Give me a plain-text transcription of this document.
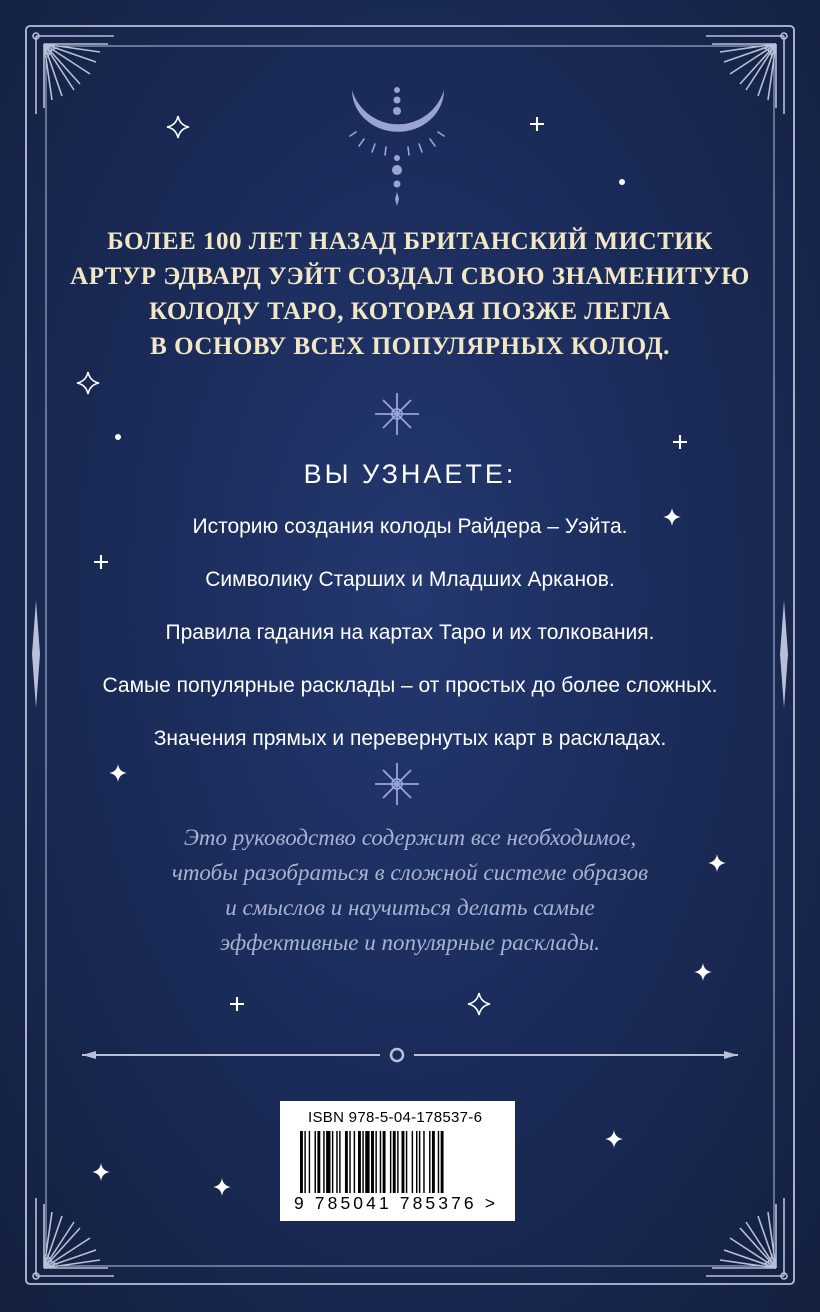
БОЛЕЕ 100 ЛЕТ НАЗАД БРИТАНСКИЙ МИСТИК
АРТУР ЭДВАРД УЭЙТ СОЗДАЛ СВОЮ ЗНАМЕНИТУЮ
КОЛОДУ ТАРО, КОТОРАЯ ПОЗЖЕ ЛЕГЛА
В ОСНОВУ ВСЕХ ПОПУЛЯРНЫХ КОЛОД.
ВЫ УЗНАЕТЕ:
Историю создания колоды Райдера – Уэйта.
Символику Старших и Младших Арканов.
Правила гадания на картах Таро и их толкования.
Самые популярные расклады – от простых до более сложных.
Значения прямых и перевернутых карт в раскладах.
Это руководство содержит все необходимое,
чтобы разобраться в сложной системе образов
и смыслов и научиться делать самые
эффективные и популярные расклады.
ISBN 978-5-04-178537-6
9 785041 785376 >
